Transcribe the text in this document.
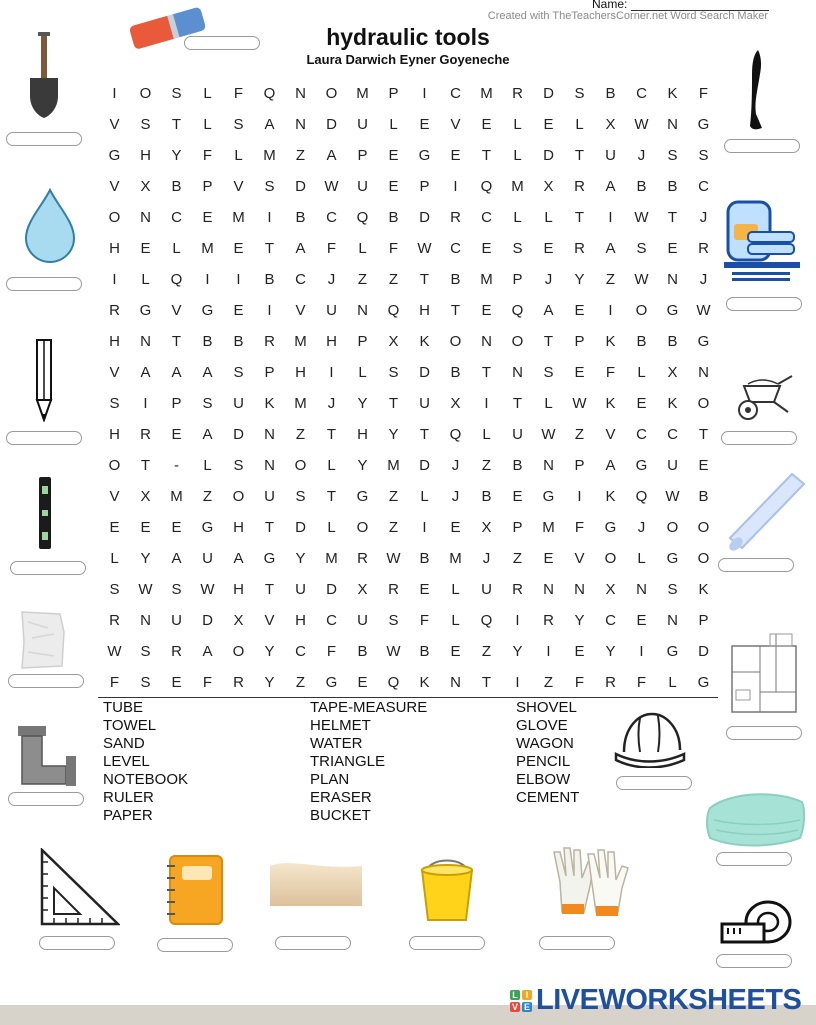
Name:
Created with TheTeachersCorner.net Word Search Maker
hydraulic tools
Laura Darwich Eyner Goyeneche
I	O	S	L	F	Q	N	O	M	P	I	C	M	R	D	S	B	C	K	F
V	S	T	L	S	A	N	D	U	L	E	V	E	L	E	L	X	W	N	G
G	H	Y	F	L	M	Z	A	P	E	G	E	T	L	D	T	U	J	S	S
V	X	B	P	V	S	D	W	U	E	P	I	Q	M	X	R	A	B	B	C
O	N	C	E	M	I	B	C	Q	B	D	R	C	L	L	T	I	W	T	J
H	E	L	M	E	T	A	F	L	F	W	C	E	S	E	R	A	S	E	R
I	L	Q	I	I	B	C	J	Z	Z	T	B	M	P	J	Y	Z	W	N	J
R	G	V	G	E	I	V	U	N	Q	H	T	E	Q	A	E	I	O	G	W
H	N	T	B	B	R	M	H	P	X	K	O	N	O	T	P	K	B	B	G
V	A	A	A	S	P	H	I	L	S	D	B	T	N	S	E	F	L	X	N
S	I	P	S	U	K	M	J	Y	T	U	X	I	T	L	W	K	E	K	O
H	R	E	A	D	N	Z	T	H	Y	T	Q	L	U	W	Z	V	C	C	T
O	T	-	L	S	N	O	L	Y	M	D	J	Z	B	N	P	A	G	U	E
V	X	M	Z	O	U	S	T	G	Z	L	J	B	E	G	I	K	Q	W	B
E	E	E	G	H	T	D	L	O	Z	I	E	X	P	M	F	G	J	O	O
L	Y	A	U	A	G	Y	M	R	W	B	M	J	Z	E	V	O	L	G	O
S	W	S	W	H	T	U	D	X	R	E	L	U	R	N	N	X	N	S	K
R	N	U	D	X	V	H	C	U	S	F	L	Q	I	R	Y	C	E	N	P
W	S	R	A	O	Y	C	F	B	W	B	E	Z	Y	I	E	Y	I	G	D
F	S	E	F	R	Y	Z	G	E	Q	K	N	T	I	Z	F	R	F	L	G
TUBE
TOWEL
SAND
LEVEL
NOTEBOOK
RULER
PAPER
TAPE-MEASURE
HELMET
WATER
TRIANGLE
PLAN
ERASER
BUCKET
SHOVEL
GLOVE
WAGON
PENCIL
ELBOW
CEMENT
L I
V E LIVEWORKSHEETS
